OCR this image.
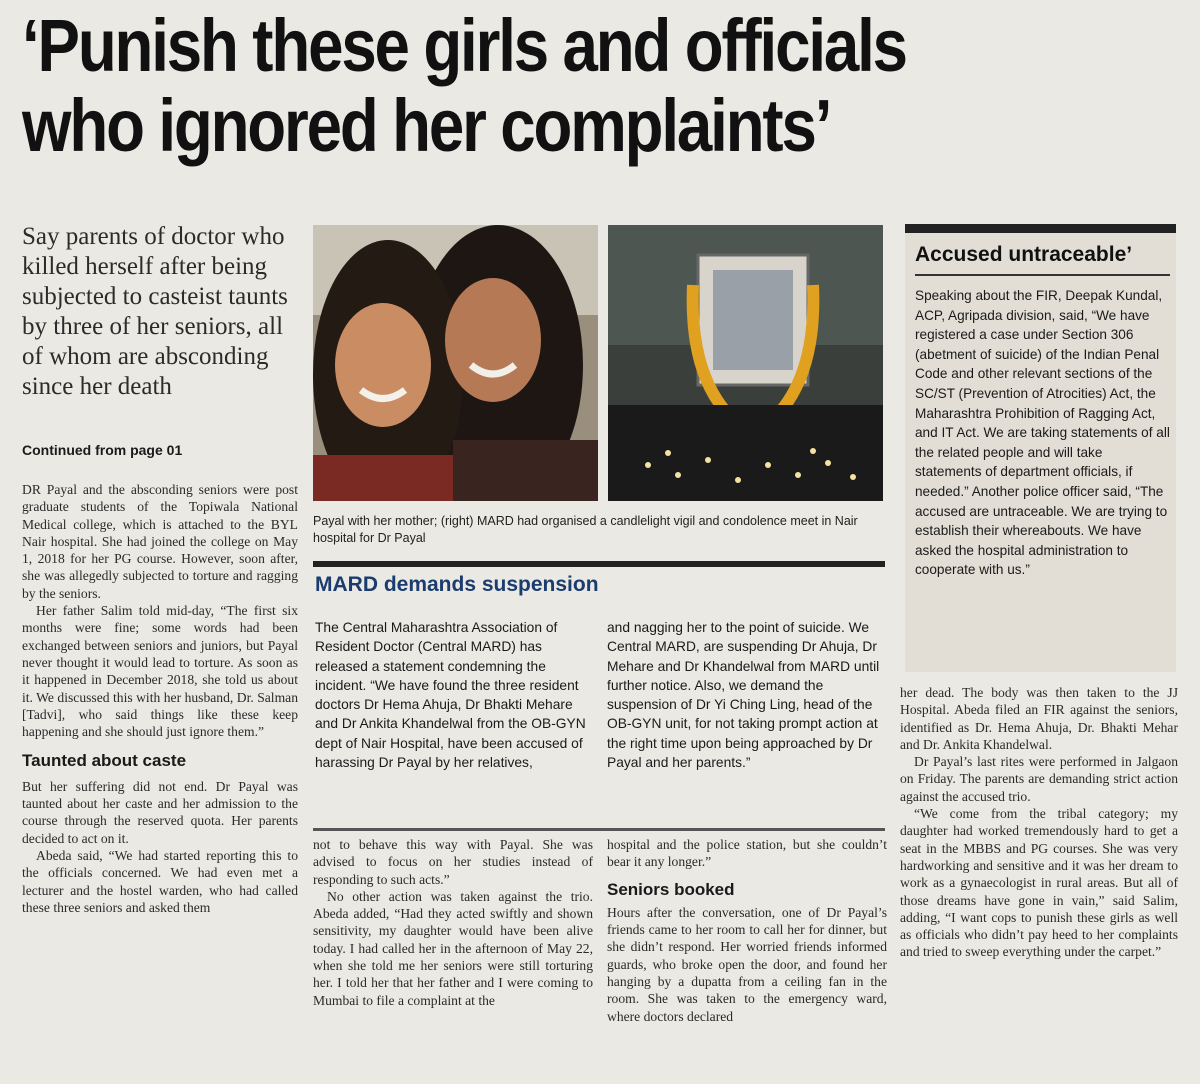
‘Punish these girls and officials
who ignored her complaints’
Say parents of doctor who killed herself after being subjected to casteist taunts by three of her seniors, all of whom are absconding since her death
Continued from page 01

DR Payal and the absconding seniors were post graduate students of the Topiwala National Medical college, which is attached to the BYL Nair hospital. She had joined the college on May 1, 2018 for her PG course. However, soon after, she was allegedly subjected to torture and ragging by the seniors.

Her father Salim told mid-day, “The first six months were fine; some words had been exchanged between seniors and juniors, but Payal never thought it would lead to torture. As soon as it happened in December 2018, she told us about it. We discussed this with her husband, Dr. Salman [Tadvi], who said things like these keep happening and she should just ignore them.”

Taunted about caste

But her suffering did not end. Dr Payal was taunted about her caste and her admission to the course through the reserved quota. Her parents decided to act on it.

Abeda said, “We had started reporting this to the officials concerned. We had even met a lecturer and the hostel warden, who had called these three seniors and asked them

Payal with her mother; (right) MARD had organised a candlelight vigil and condolence meet in Nair hospital for Dr Payal
MARD demands suspension
The Central Maharashtra Association of Resident Doctor (Central MARD) has released a statement condemning the incident. “We have found the three resident doctors Dr Hema Ahuja, Dr Bhakti Mehare and Dr Ankita Khandelwal from the OB-GYN dept of Nair Hospital, have been accused of harassing Dr Payal by her relatives,
and nagging her to the point of suicide. We Central MARD, are suspending Dr Ahuja, Dr Mehare and Dr Khandelwal from MARD until further notice. Also, we demand the suspension of Dr Yi Ching Ling, head of the OB-GYN unit, for not taking prompt action at the right time upon being approached by Dr Payal and her parents.”

not to behave this way with Payal. She was advised to focus on her studies instead of responding to such acts.”

No other action was taken against the trio. Abeda added, “Had they acted swiftly and shown sensitivity, my daughter would have been alive today. I had called her in the afternoon of May 22, when she told me her seniors were still torturing her. I told her that her father and I were coming to Mumbai to file a complaint at the

hospital and the police station, but she couldn’t bear it any longer.”

Seniors booked

Hours after the conversation, one of Dr Payal’s friends came to her room to call her for dinner, but she didn’t respond. Her worried friends informed guards, who broke open the door, and found her hanging by a dupatta from a ceiling fan in the room. She was taken to the emergency ward, where doctors declared

Accused untraceable’
Speaking about the FIR, Deepak Kundal, ACP, Agripada division, said, “We have registered a case under Section 306 (abetment of suicide) of the Indian Penal Code and other relevant sections of the SC/ST (Prevention of Atrocities) Act, the Maharashtra Prohibition of Ragging Act, and IT Act. We are taking statements of all the related people and will take statements of department officials, if needed.” Another police officer said, “The accused are untraceable. We are trying to establish their whereabouts. We have asked the hospital administration to cooperate with us.”

her dead. The body was then taken to the JJ Hospital. Abeda filed an FIR against the seniors, identified as Dr. Hema Ahuja, Dr. Bhakti Mehar and Dr. Ankita Khandelwal.

Dr Payal’s last rites were performed in Jalgaon on Friday. The parents are demanding strict action against the accused trio.

“We come from the tribal category; my daughter had worked tremendously hard to get a seat in the MBBS and PG courses. She was very hardworking and sensitive and it was her dream to work as a gynaecologist in rural areas. But all of those dreams have gone in vain,” said Salim, adding, “I want cops to punish these girls as well as officials who didn’t pay heed to her complaints and tried to sweep everything under the carpet.”
